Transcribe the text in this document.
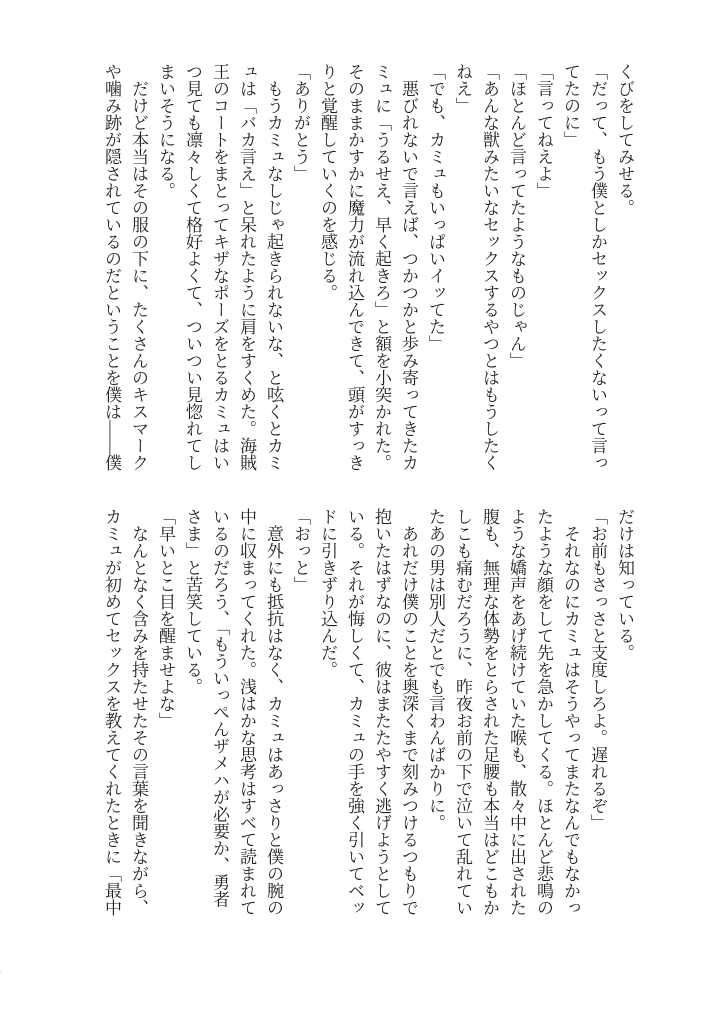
くびをしてみせる。

「だって、もう僕としかセックスしたくないって言っ

てたのに」

「言ってねえよ」

「ほとんど言ってたようなものじゃん」

「あんな獣みたいなセックスするやつとはもうしたく

ねえ」

「でも、カミュもいっぱいイッてた」

悪びれないで言えば、つかつかと歩み寄ってきたカ

ミュに「うるせえ、早く起きろ」と額を小突かれた。

そのままかすかに魔力が流れ込んできて、頭がすっき

りと覚醒していくのを感じる。

「ありがとう」

もうカミュなしじゃ起きられないな、と呟くとカミ

ュは「バカ言え」と呆れたように肩をすくめた。海賊

王のコートをまとってキザなポーズをとるカミュはい

つ見ても凛々しくて格好よくて、ついつい見惚れてし

まいそうになる。

だけど本当はその服の下に、たくさんのキスマーク

や噛み跡が隠されているのだということを僕は――僕

だけは知っている。

「お前もさっさと支度しろよ。遅れるぞ」

それなのにカミュはそうやってまたなんでもなかっ

たような顔をして先を急かしてくる。ほとんど悲鳴の

ような嬌声をあげ続けていた喉も、散々中に出された

腹も、無理な体勢をとらされた足腰も本当はどこもか

しこも痛むだろうに、昨夜お前の下で泣いて乱れてい

たあの男は別人だとでも言わんばかりに。

あれだけ僕のことを奥深くまで刻みつけるつもりで

抱いたはずなのに、彼はまたたやすく逃げようとして

いる。それが悔しくて、カミュの手を強く引いてベッ

ドに引きずり込んだ。

「おっと」

意外にも抵抗はなく、カミュはあっさりと僕の腕の

中に収まってくれた。浅はかな思考はすべて読まれて

いるのだろう、「もういっぺんザメハが必要か、勇者

さま」と苦笑している。

「早いとこ目を醒ませよな」

なんとなく含みを持たせたその言葉を聞きながら、

カミュが初めてセックスを教えてくれたときに「最中
